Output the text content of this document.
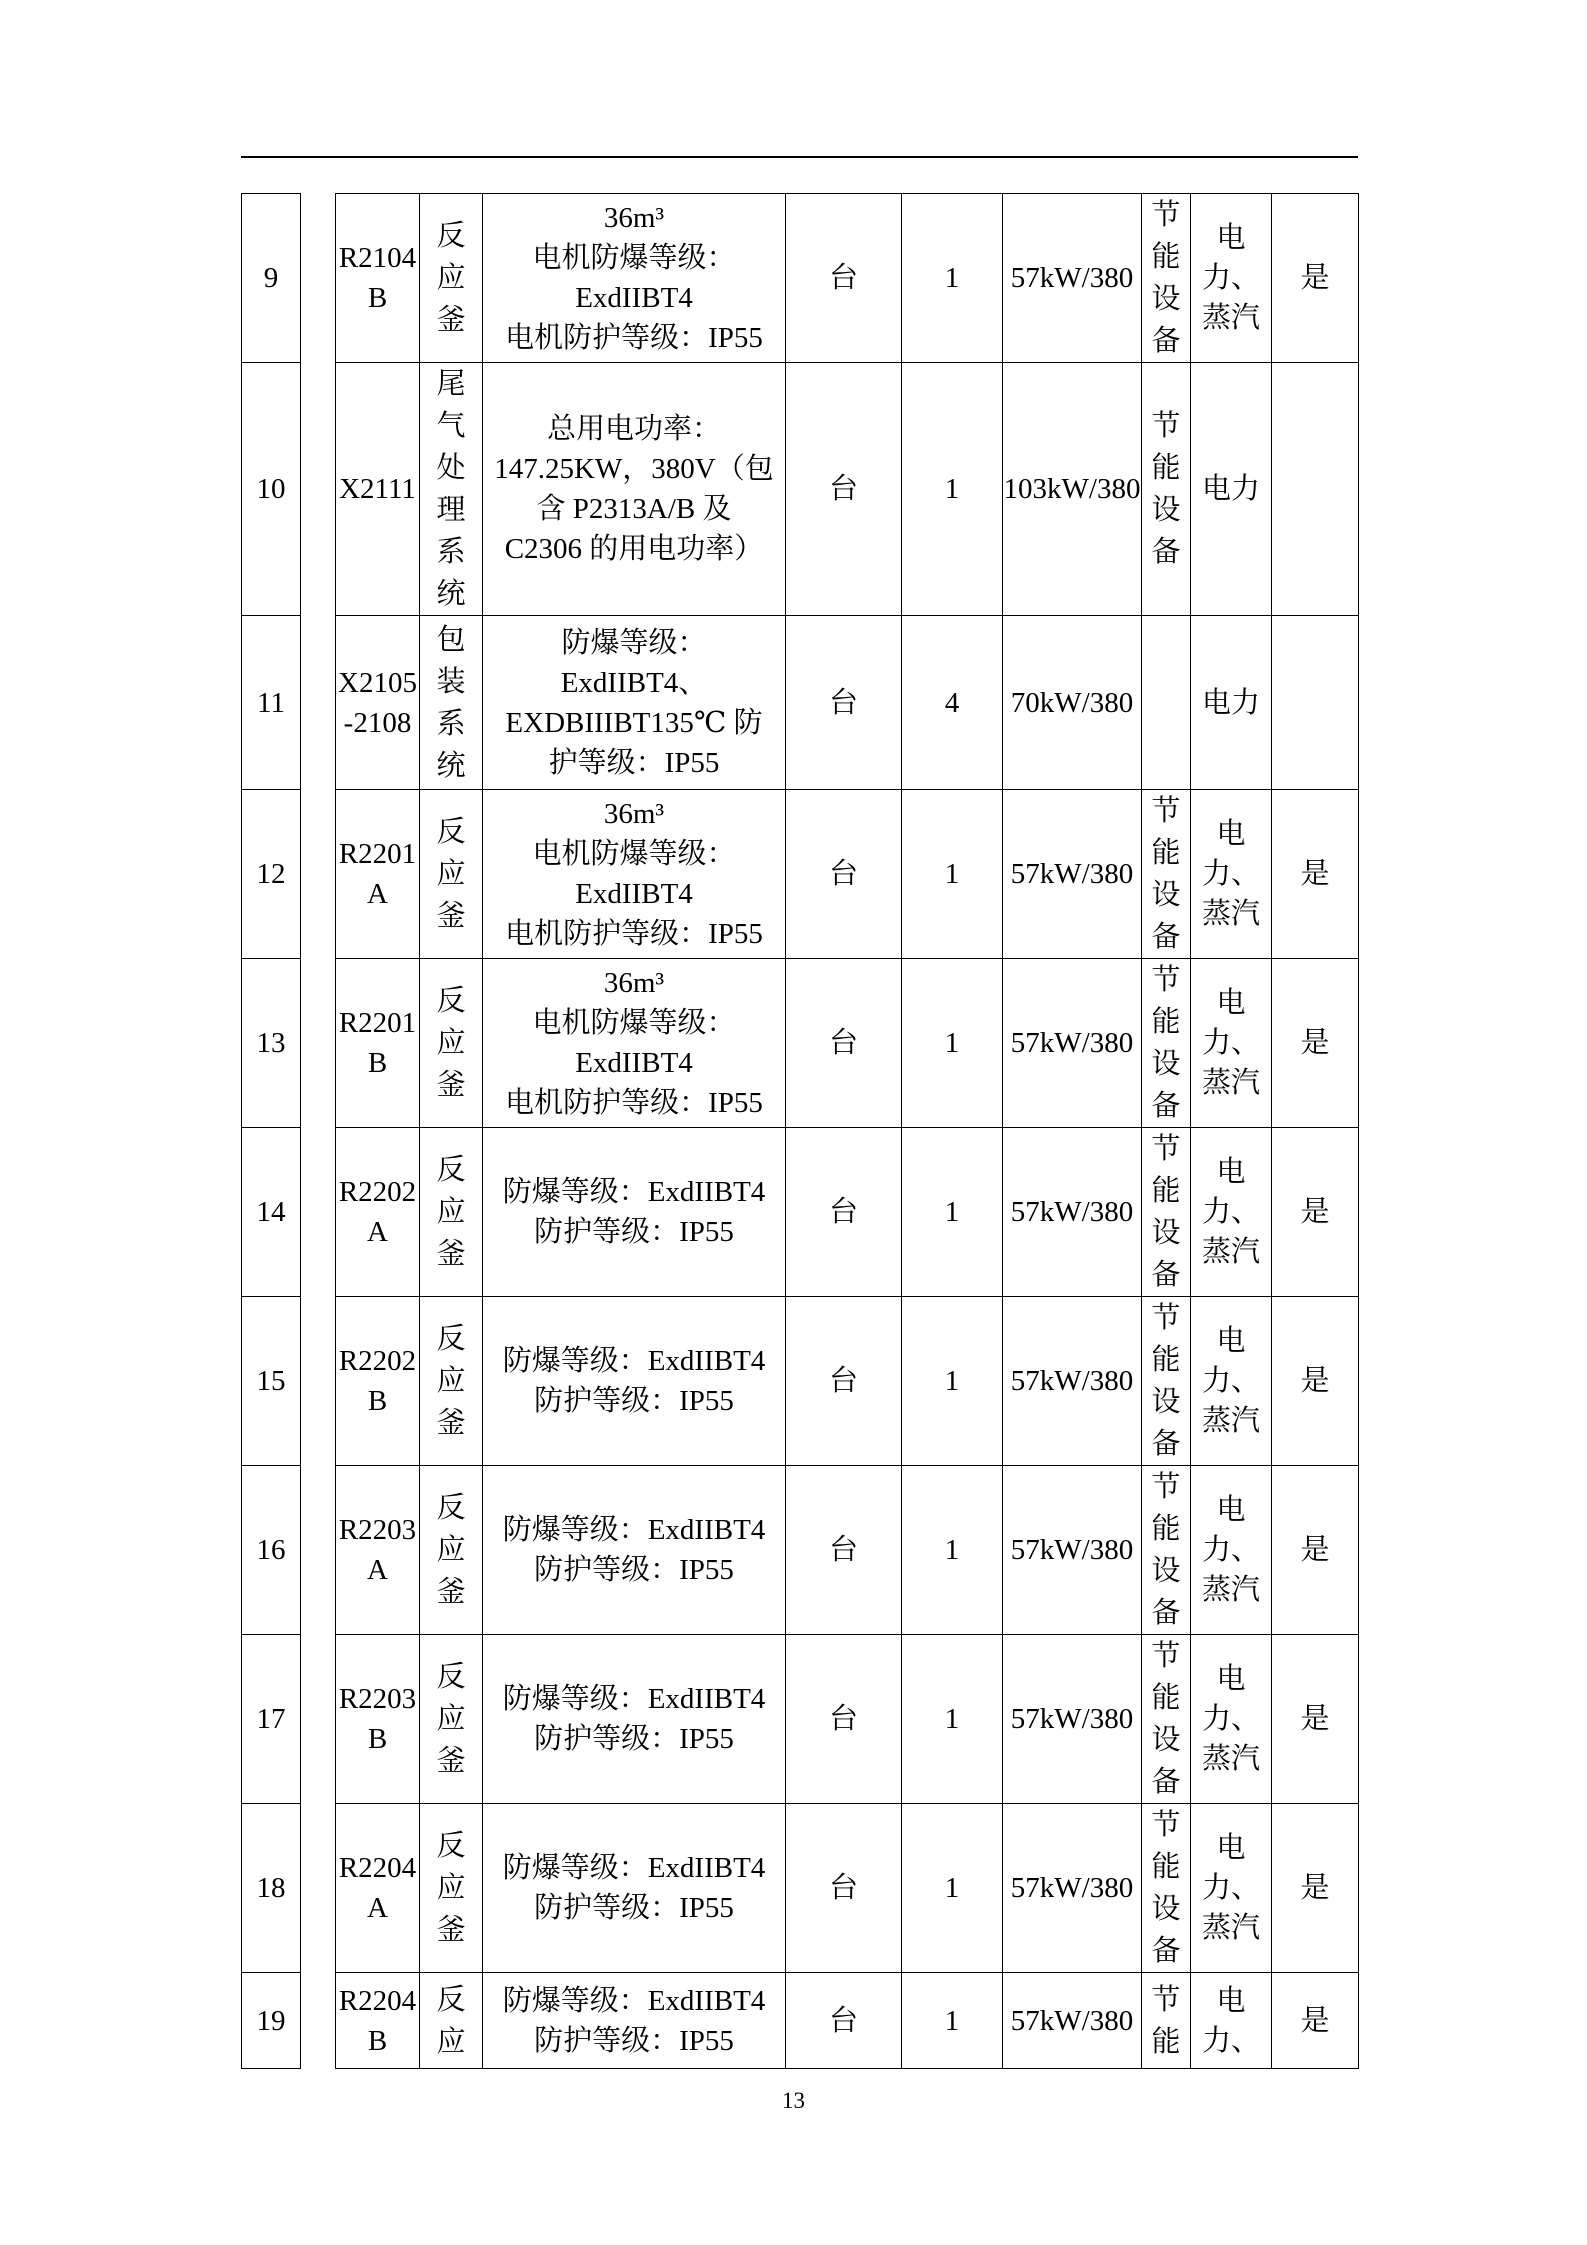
9		R2104B	反应釜	36m³
电机防爆等级：
ExdIIBT4
电机防护等级：IP55	台	1	57kW/380	节能设备	电力、蒸汽	是
10		X2111	尾气处理系统	总用电功率：
147.25KW，380V（包
含 P2313A/B 及
C2306 的用电功率）	台	1	103kW/380	节能设备	电力	
11		X2105-2108	包装系统	防爆等级：
ExdIIBT4、
EXDBIIIBT135℃ 防
护等级：IP55	台	4	70kW/380		电力	
12		R2201A	反应釜	36m³
电机防爆等级：
ExdIIBT4
电机防护等级：IP55	台	1	57kW/380	节能设备	电力、蒸汽	是
13		R2201B	反应釜	36m³
电机防爆等级：
ExdIIBT4
电机防护等级：IP55	台	1	57kW/380	节能设备	电力、蒸汽	是
14		R2202A	反应釜	防爆等级：ExdIIBT4
防护等级：IP55	台	1	57kW/380	节能设备	电力、蒸汽	是
15		R2202B	反应釜	防爆等级：ExdIIBT4
防护等级：IP55	台	1	57kW/380	节能设备	电力、蒸汽	是
16		R2203A	反应釜	防爆等级：ExdIIBT4
防护等级：IP55	台	1	57kW/380	节能设备	电力、蒸汽	是
17		R2203B	反应釜	防爆等级：ExdIIBT4
防护等级：IP55	台	1	57kW/380	节能设备	电力、蒸汽	是
18		R2204A	反应釜	防爆等级：ExdIIBT4
防护等级：IP55	台	1	57kW/380	节能设备	电力、蒸汽	是
19		R2204B	反应	防爆等级：ExdIIBT4
防护等级：IP55	台	1	57kW/380	节能	电力、	是
13
